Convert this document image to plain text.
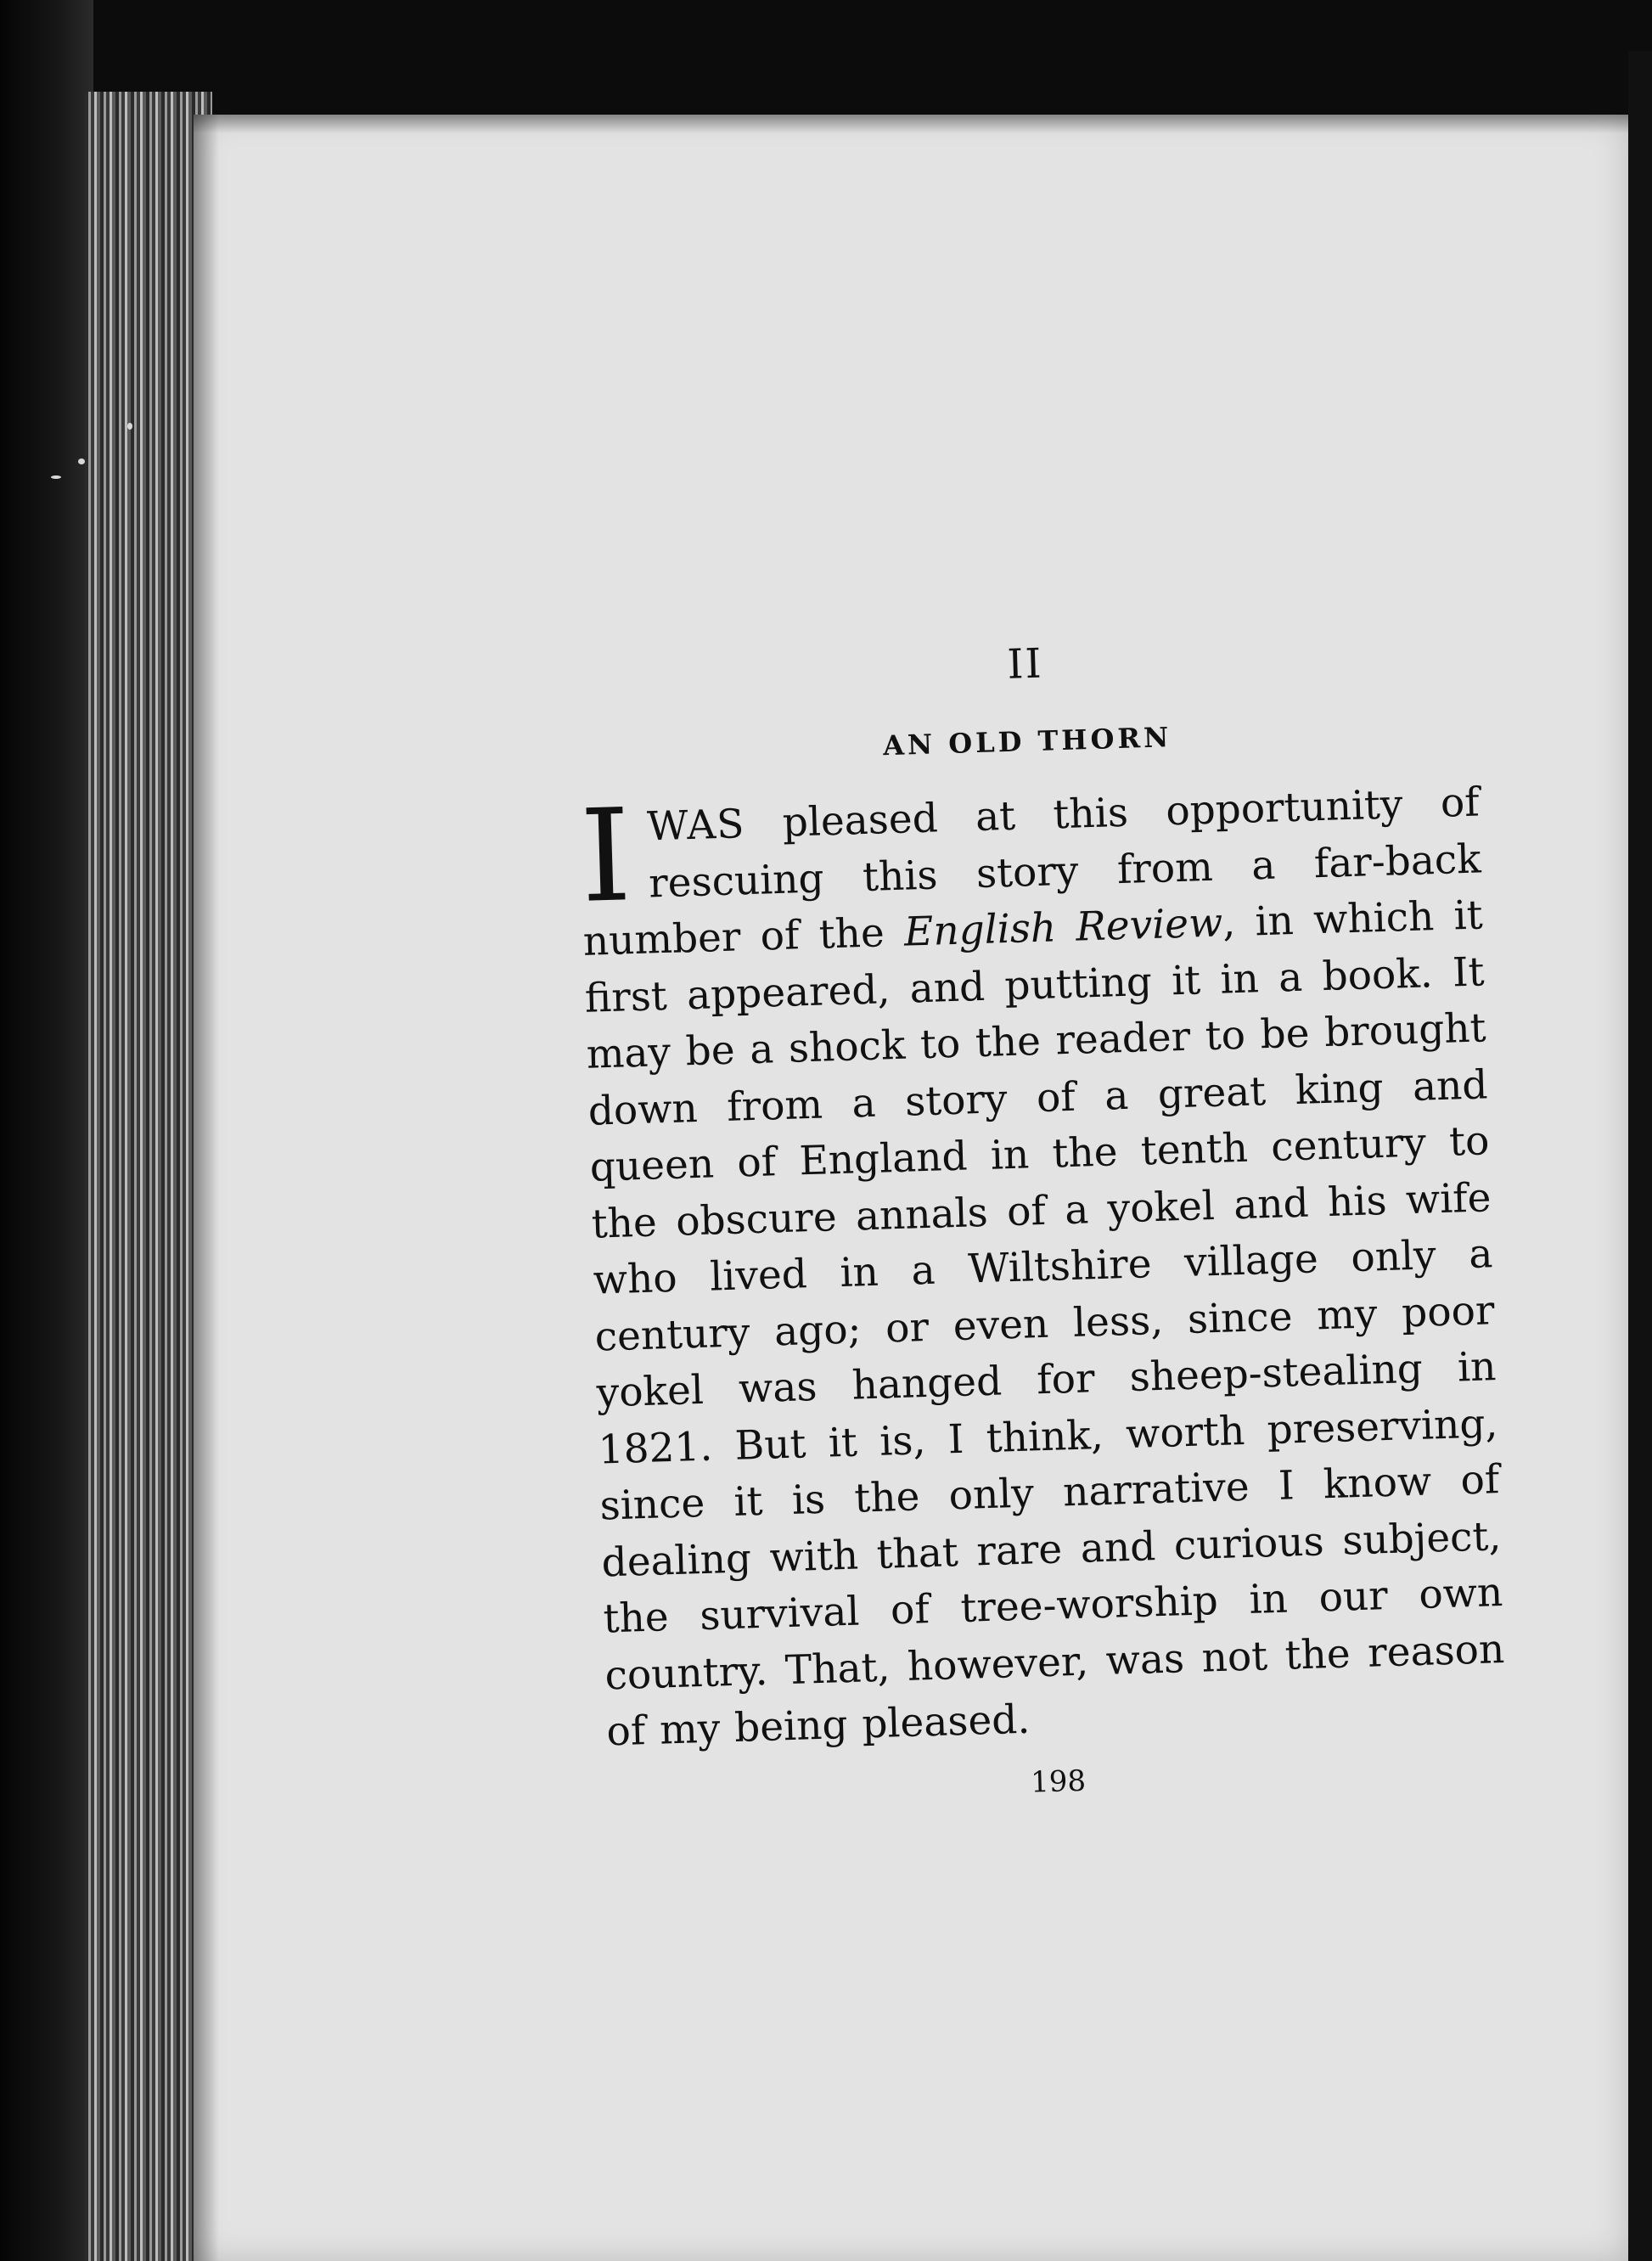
II
AN OLD THORN

IWAS pleased at this opportunity of rescuing this story from a far-back number of the English Review, in which it first appeared, and putting it in a book. It may be a shock to the reader to be brought down from a story of a great king and queen of England in the tenth century to the obscure annals of a yokel and his wife who lived in a Wiltshire village only a century ago; or even less, since my poor yokel was hanged for sheep-stealing in 1821. But it is, I think, worth preserving, since it is the only narrative I know of dealing with that rare and curious subject, the survival of tree-worship in our own country. That, however, was not the reason of my being pleased.

198
